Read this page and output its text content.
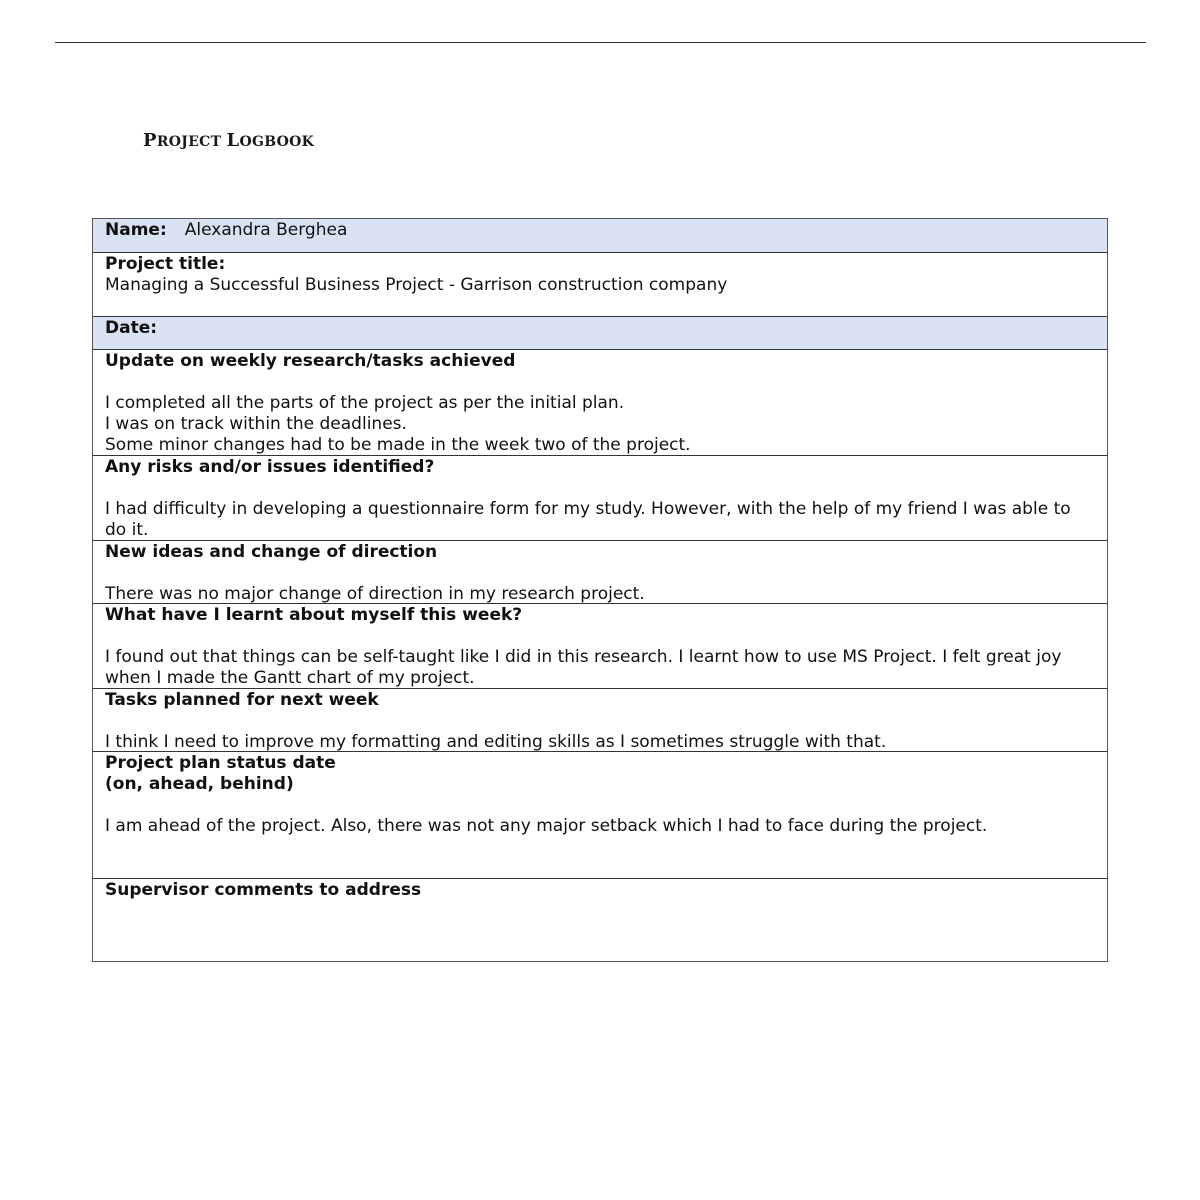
PROJECT LOGBOOK
Name: Alexandra Berghea
Project title:
Managing a Successful Business Project - Garrison construction company
Date:
Update on weekly research/tasks achieved
I completed all the parts of the project as per the initial plan.
I was on track within the deadlines.
Some minor changes had to be made in the week two of the project.
Any risks and/or issues identified?
I had difficulty in developing a questionnaire form for my study. However, with the help of my friend I was able to do it.
New ideas and change of direction
There was no major change of direction in my research project.
What have I learnt about myself this week?
I found out that things can be self-taught like I did in this research. I learnt how to use MS Project. I felt great joy when I made the Gantt chart of my project.
Tasks planned for next week
I think I need to improve my formatting and editing skills as I sometimes struggle with that.
Project plan status date
(on, ahead, behind)
I am ahead of the project. Also, there was not any major setback which I had to face during the project.
Supervisor comments to address
